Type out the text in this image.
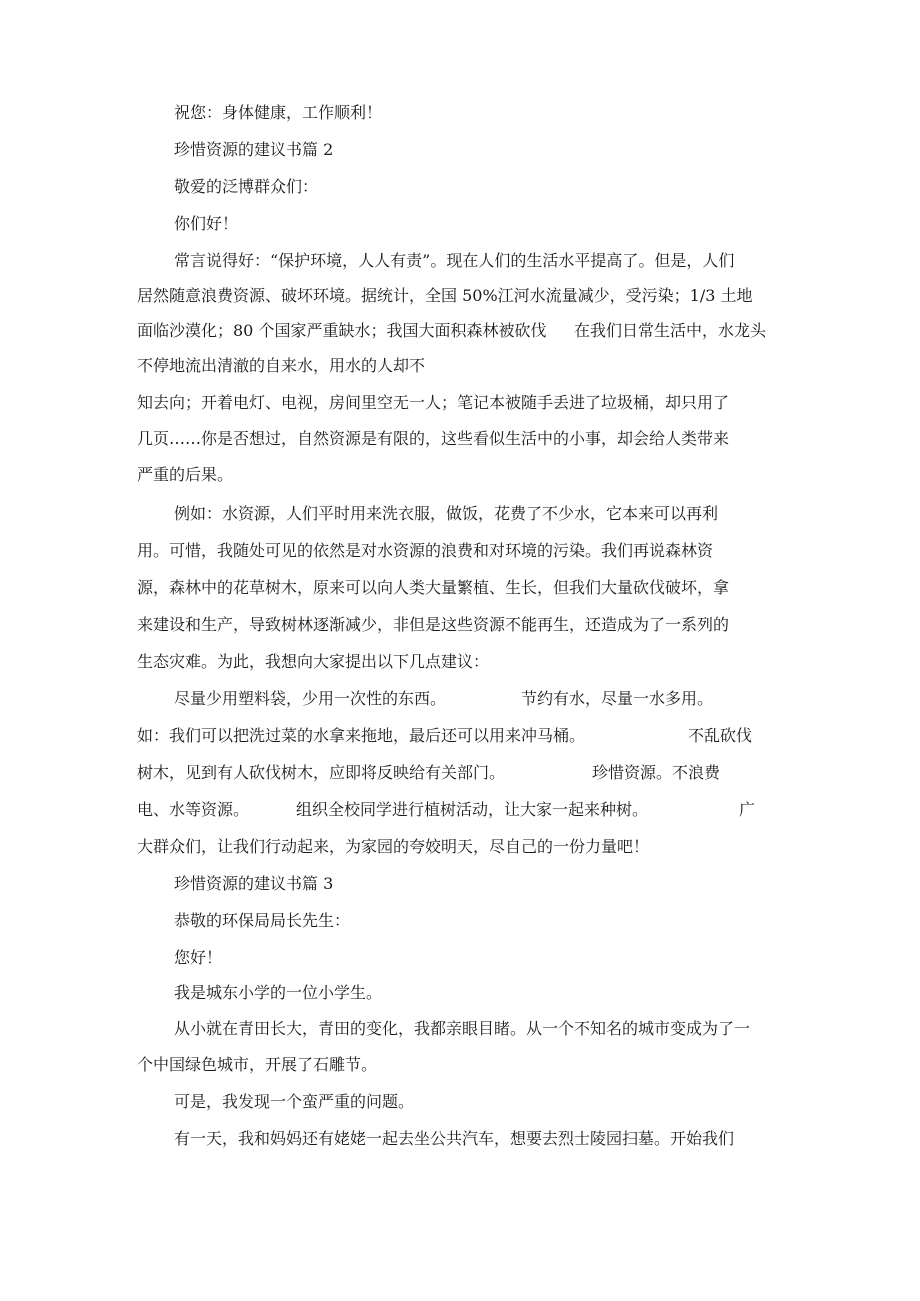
祝您：身体健康，工作顺利！

珍惜资源的建议书篇 2

敬爱的泛博群众们：

你们好！

常言说得好：“保护环境，人人有责”。现在人们的生活水平提高了。但是，人们

居然随意浪费资源、破坏环境。据统计，全国 50%江河水流量减少，受污染；1/3 土地

面临沙漠化；80 个国家严重缺水；我国大面积森林被砍伐 在我们日常生活中，水龙头

不停地流出清澈的自来水，用水的人却不

知去向；开着电灯、电视，房间里空无一人；笔记本被随手丢进了垃圾桶，却只用了

几页……你是否想过，自然资源是有限的，这些看似生活中的小事，却会给人类带来

严重的后果。

例如：水资源，人们平时用来洗衣服，做饭，花费了不少水，它本来可以再利

用。可惜，我随处可见的依然是对水资源的浪费和对环境的污染。我们再说森林资

源，森林中的花草树木，原来可以向人类大量繁植、生长，但我们大量砍伐破坏，拿

来建设和生产，导致树林逐渐减少，非但是这些资源不能再生，还造成为了一系列的

生态灾难。为此，我想向大家提出以下几点建议：

尽量少用塑料袋，少用一次性的东西。	节约有水，尽量一水多用。

如：我们可以把洗过菜的水拿来拖地，最后还可以用来冲马桶。	不乱砍伐

树木，见到有人砍伐树木，应即将反映给有关部门。	珍惜资源。不浪费

电、水等资源。	组织全校同学进行植树活动，让大家一起来种树。	广

大群众们，让我们行动起来，为家园的夸姣明天，尽自己的一份力量吧！

珍惜资源的建议书篇 3

恭敬的环保局局长先生：

您好！

我是城东小学的一位小学生。

从小就在青田长大，青田的变化，我都亲眼目睹。从一个不知名的城市变成为了一

个中国绿色城市，开展了石雕节。

可是，我发现一个蛮严重的问题。

有一天，我和妈妈还有姥姥一起去坐公共汽车，想要去烈士陵园扫墓。开始我们
